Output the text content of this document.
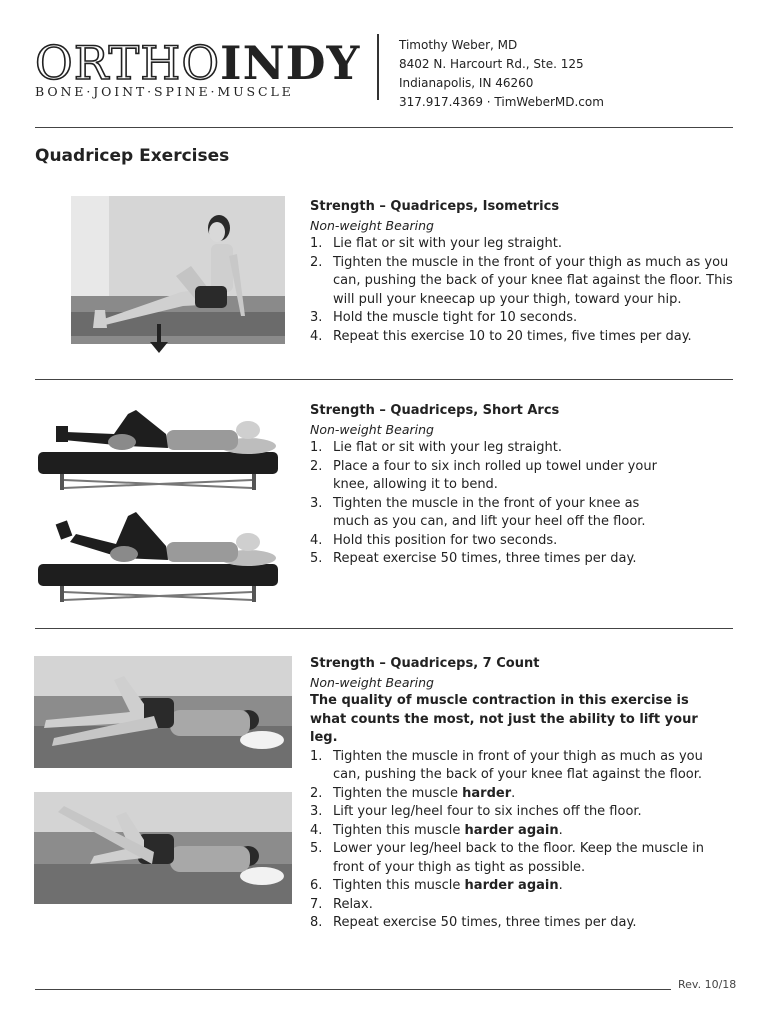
ORTHO INDY
BONE·JOINT·SPINE·MUSCLE
Timothy Weber, MD
8402 N. Harcourt Rd., Ste. 125
Indianapolis, IN 46260
317.917.4369 · TimWeberMD.com
Quadricep Exercises
Strength – Quadriceps, Isometrics
Non-weight Bearing
1. Lie flat or sit with your leg straight.
2. Tighten the muscle in the front of your thigh as much as you can, pushing the back of your knee flat against the floor. This will pull your kneecap up your thigh, toward your hip.
3. Hold the muscle tight for 10 seconds.
4. Repeat this exercise 10 to 20 times, five times per day.
Strength – Quadriceps, Short Arcs
Non-weight Bearing
1. Lie flat or sit with your leg straight.
2. Place a four to six inch rolled up towel under your knee, allowing it to bend.
3. Tighten the muscle in the front of your knee as much as you can, and lift your heel off the floor.
4. Hold this position for two seconds.
5. Repeat exercise 50 times, three times per day.
Strength – Quadriceps, 7 Count
Non-weight Bearing
The quality of muscle contraction in this exercise is what counts the most, not just the ability to lift your leg.
1. Tighten the muscle in front of your thigh as much as you can, pushing the back of your knee flat against the floor.
2. Tighten the muscle harder.
3. Lift your leg/heel four to six inches off the floor.
4. Tighten this muscle harder again.
5. Lower your leg/heel back to the floor. Keep the muscle in front of your thigh as tight as possible.
6. Tighten this muscle harder again.
7. Relax.
8. Repeat exercise 50 times, three times per day.
Rev. 10/18
